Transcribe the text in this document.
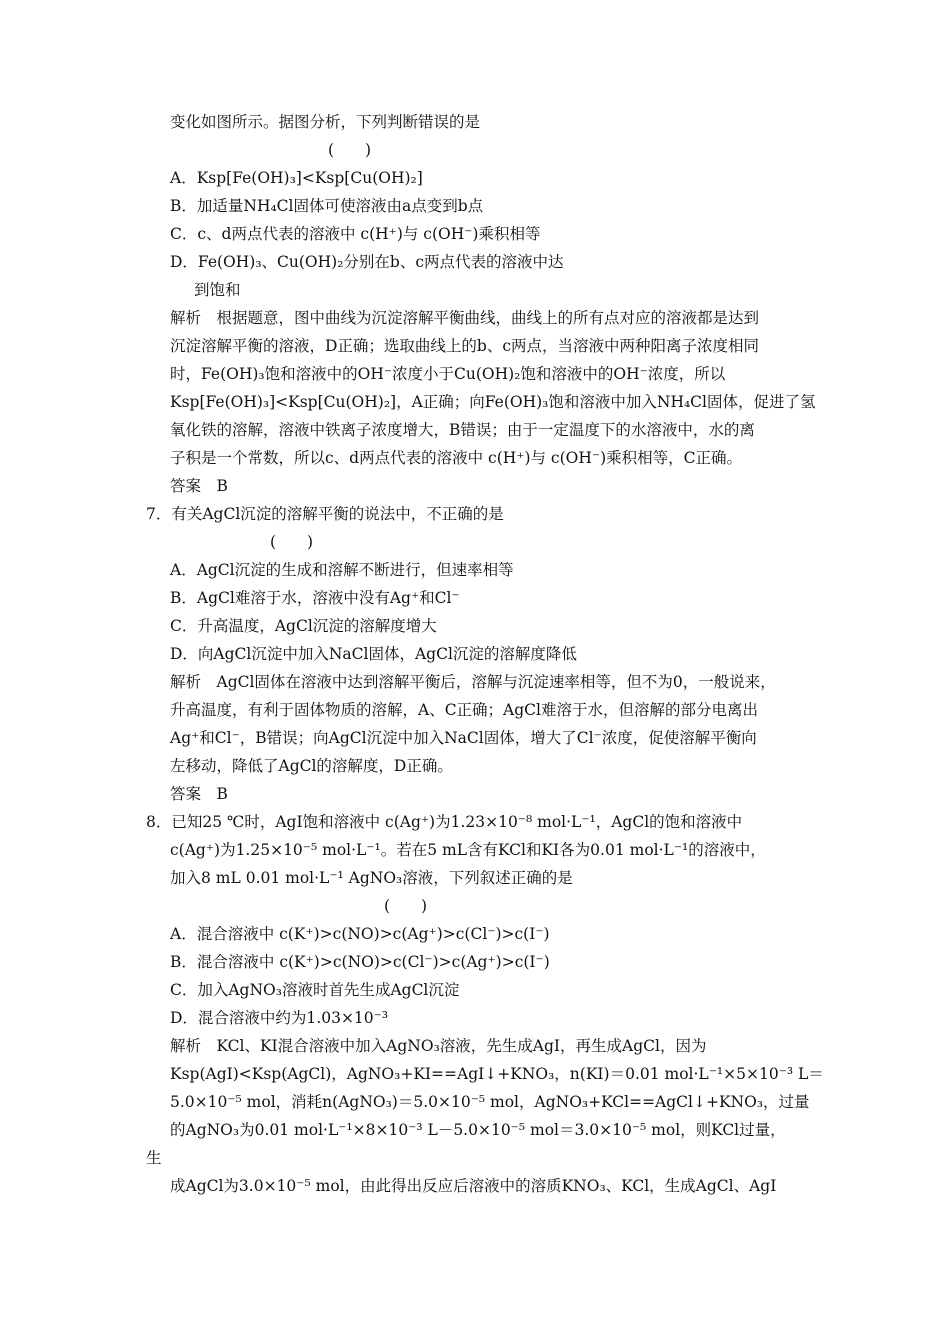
变化如图所示。据图分析，下列判断错误的是
(　　)
A．Ksp[Fe(OH)₃]<Ksp[Cu(OH)₂]
B．加适量NH₄Cl固体可使溶液由a点变到b点
C．c、d两点代表的溶液中 c(H⁺)与 c(OH⁻)乘积相等
D．Fe(OH)₃、Cu(OH)₂分别在b、c两点代表的溶液中达
到饱和
解析　根据题意，图中曲线为沉淀溶解平衡曲线，曲线上的所有点对应的溶液都是达到
沉淀溶解平衡的溶液，D正确；选取曲线上的b、c两点，当溶液中两种阳离子浓度相同
时，Fe(OH)₃饱和溶液中的OH⁻浓度小于Cu(OH)₂饱和溶液中的OH⁻浓度，所以
Ksp[Fe(OH)₃]<Ksp[Cu(OH)₂]，A正确；向Fe(OH)₃饱和溶液中加入NH₄Cl固体，促进了氢
氧化铁的溶解，溶液中铁离子浓度增大，B错误；由于一定温度下的水溶液中，水的离
子积是一个常数，所以c、d两点代表的溶液中 c(H⁺)与 c(OH⁻)乘积相等，C正确。
答案　B
7．有关AgCl沉淀的溶解平衡的说法中，不正确的是
(　　)
A．AgCl沉淀的生成和溶解不断进行，但速率相等
B．AgCl难溶于水，溶液中没有Ag⁺和Cl⁻
C．升高温度，AgCl沉淀的溶解度增大
D．向AgCl沉淀中加入NaCl固体，AgCl沉淀的溶解度降低
解析　AgCl固体在溶液中达到溶解平衡后，溶解与沉淀速率相等，但不为0，一般说来，
升高温度，有利于固体物质的溶解，A、C正确；AgCl难溶于水，但溶解的部分电离出
Ag⁺和Cl⁻，B错误；向AgCl沉淀中加入NaCl固体，增大了Cl⁻浓度，促使溶解平衡向
左移动，降低了AgCl的溶解度，D正确。
答案　B
8．已知25 ℃时，AgI饱和溶液中 c(Ag⁺)为1.23×10⁻⁸ mol·L⁻¹，AgCl的饱和溶液中
c(Ag⁺)为1.25×10⁻⁵ mol·L⁻¹。若在5 mL含有KCl和KI各为0.01 mol·L⁻¹的溶液中，
加入8 mL 0.01 mol·L⁻¹ AgNO₃溶液，下列叙述正确的是
(　　)
A．混合溶液中 c(K⁺)>c(NO)>c(Ag⁺)>c(Cl⁻)>c(I⁻)
B．混合溶液中 c(K⁺)>c(NO)>c(Cl⁻)>c(Ag⁺)>c(I⁻)
C．加入AgNO₃溶液时首先生成AgCl沉淀
D．混合溶液中约为1.03×10⁻³
解析　KCl、KI混合溶液中加入AgNO₃溶液，先生成AgI，再生成AgCl，因为
Ksp(AgI)<Ksp(AgCl)，AgNO₃+KI==AgI↓+KNO₃，n(KI)＝0.01 mol·L⁻¹×5×10⁻³ L＝
5.0×10⁻⁵ mol，消耗n(AgNO₃)＝5.0×10⁻⁵ mol，AgNO₃+KCl==AgCl↓+KNO₃，过量
的AgNO₃为0.01 mol·L⁻¹×8×10⁻³ L－5.0×10⁻⁵ mol＝3.0×10⁻⁵ mol，则KCl过量，
生
成AgCl为3.0×10⁻⁵ mol，由此得出反应后溶液中的溶质KNO₃、KCl，生成AgCl、AgI
